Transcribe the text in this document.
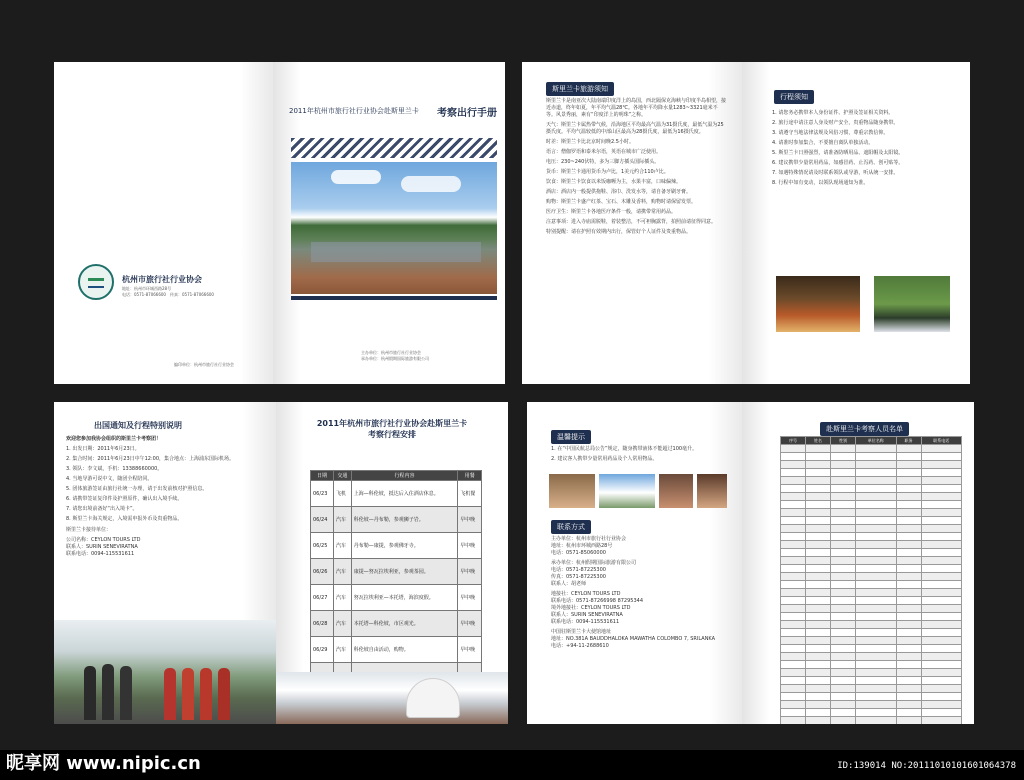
杭州市旅行社行业协会
地址：杭州市环城西路28号
电话：0571-87066600　传真：0571-87066600
编印单位：杭州市旅行社行业协会
2011年杭州市旅行社行业协会赴斯里兰卡 考察出行手册
主办单位：杭州市旅行社行业协会
承办单位：杭州假期国际旅游有限公司
斯里兰卡旅游须知
斯里兰卡是南亚次大陆南端印度洋上的岛国，西北隔保克海峡与印度半岛相望，接近赤道，终年如夏，年平均气温28℃。各地年平均降水量1283~3321毫米不等。风景秀丽，素有“印度洋上的明珠”之称。
天气：斯里兰卡属热带气候，沿海地区平均最高气温为31摄氏度，最低气温为25摄氏度。平均气温较低的中部山区最高为28摄氏度，最低为16摄氏度。
时差：斯里兰卡比北京时间晚2.5小时。
语言：僧伽罗语和泰米尔语，英语在城市广泛使用。
电压：230~240伏特，多为三脚方插头国际插头。
货币：斯里兰卡通用货币为卢比，1美元约合110卢比。
饮食：斯里兰卡饮食以米饭咖喱为主，水果丰富，口味偏辣。
酒店：酒店内一般提供拖鞋、浴巾、洗发水等，请自备牙刷牙膏。
购物：斯里兰卡盛产红茶、宝石、木雕及香料，购物时请保留发票。
医疗卫生：斯里兰卡各地医疗条件一般，请携带常用药品。
注意事项：进入寺庙需脱鞋，着装整洁，不可袒胸露背，拍照前请征得同意。
特别提醒：请在护照有效期内出行，保管好个人证件及贵重物品。
行程须知
1. 请您务必携带本人身份证件、护照及签证相关资料。
2. 旅行途中请注意人身及财产安全，贵重物品随身携带。
3. 请遵守当地法律法规及风俗习惯，尊重宗教信仰。
4. 请准时参加集合，不要擅自离队单独活动。
5. 斯里兰卡日照强烈，请准备防晒用品、遮阳帽及太阳镜。
6. 建议携带少量常用药品，如感冒药、止泻药、创可贴等。
7. 如遇特殊情况请及时联系领队或导游，听从统一安排。
8. 行程中如有变动，以领队现场通知为准。
出国通知及行程特别说明
欢迎您参加我协会组织的斯里兰卡考察团！
1. 出发日期：2011年6月23日。
2. 集合时间：2011年6月23日中午12:00，集合地点：上海浦东国际机场。
3. 领队：李文斌，手机：13388660000。
4. 当地导游可说中文，随团全程陪同。
5. 团体旅游签证由旅行社统一办理，请于出发前核对护照信息。
6. 请携带签证复印件及护照原件，确认出入境手续。
7. 请您出境前备好“出入境卡”。
8. 斯里兰卡海关规定，入境需申报外币及贵重物品。
斯里兰卡接待单位：
公司名称：CEYLON TOURS LTD
联系人：SURIN SENEVIRATNA
联系电话：0094-115531611
2011年杭州市旅行社行业协会赴斯里兰卡
考察行程安排
日期	交通	行程内容	用餐
06/23	飞机	上海—科伦坡，抵达后入住酒店休息。	飞机餐
06/24	汽车	科伦坡—丹布勒，参观狮子岩。	早中晚
06/25	汽车	丹布勒—康提，参观佛牙寺。	早中晚
06/26	汽车	康提—努瓦拉埃利亚，参观茶园。	早中晚
06/27	汽车	努瓦拉埃利亚—本托塔，海滨度假。	早中晚
06/28	汽车	本托塔—科伦坡，市区观光。	早中晚
06/29	汽车	科伦坡自由活动，购物。	早中晚

温馨提示
1. 在“中国民航总局公告”规定，随身携带液体不能超过100毫升。
2. 建议客人携带少量常用药品及个人常用物品。
联系方式
主办单位：杭州市旅行社行业协会
地址：杭州市环城西路28号
电话：0571-85060000
承办单位：杭州假期国际旅游有限公司
电话：0571-87225300
传真：0571-87225300
联系人：胡老师
地接社：CEYLON TOURS LTD
联系电话：0571-87266998 87295344
境外地接社：CEYLON TOURS LTD
联系人：SURIN SENEVIRATNA
联系电话：0094-115531611
中国驻斯里兰卡大使馆地址
地址：NO.381A BAUDDHALOKA MAWATHA COLOMBO 7, SRILANKA
电话：+94-11-2688610
赴斯里兰卡考察人员名单
序号	姓名	性别	单位名称	职务	联系电话

昵享网 www.nipic.cn	ID:139014 NO:20111010101601064378
